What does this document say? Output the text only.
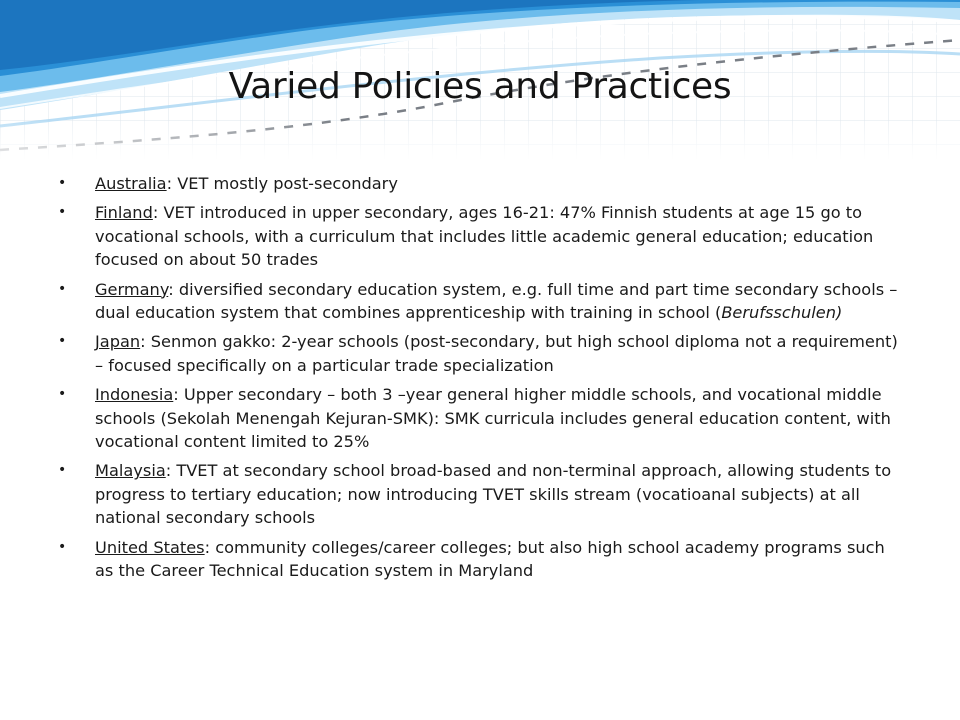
Varied Policies and Practices
• Australia: VET mostly post-secondary
• Finland: VET introduced in upper secondary, ages 16-21: 47% Finnish students at age 15 go to vocational schools, with a curriculum that includes little academic general education; education focused on about 50 trades
• Germany: diversified secondary education system, e.g. full time and part time secondary schools – dual education system that combines apprenticeship with training in school (Berufsschulen)
• Japan: Senmon gakko: 2-year schools (post-secondary, but high school diploma not a requirement) – focused specifically on a particular trade specialization
• Indonesia: Upper secondary – both 3 –year general higher middle schools, and vocational middle schools (Sekolah Menengah Kejuran-SMK): SMK curricula includes general education content, with vocational content limited to 25%
• Malaysia: TVET at secondary school broad-based and non-terminal approach, allowing students to progress to tertiary education; now introducing TVET skills stream (vocatioanal subjects) at all national secondary schools
• United States: community colleges/career colleges; but also high school academy programs such as the Career Technical Education system in Maryland
